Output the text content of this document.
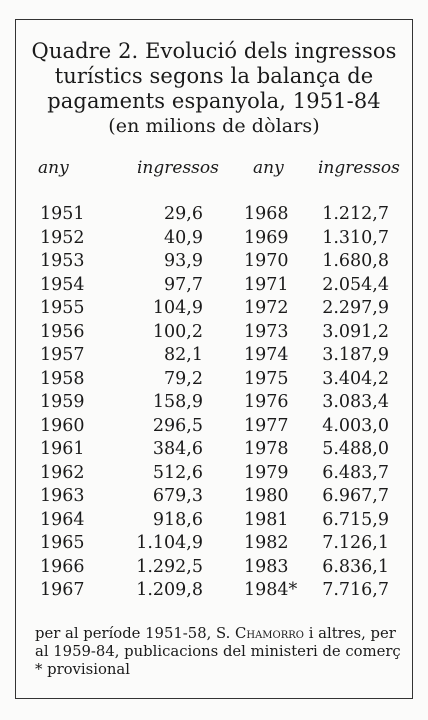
Quadre 2. Evolució dels ingressos
turístics segons la balança de
pagaments espanyola, 1951-84
(en milions de dòlars)
any	ingressos any ingressos
1951	29,6 1968 1.212,7
1952	40,9 1969 1.310,7
1953	93,9 1970 1.680,8
1954	97,7 1971 2.054,4
1955	104,9 1972 2.297,9
1956	100,2 1973 3.091,2
1957	82,1 1974 3.187,9
1958	79,2 1975 3.404,2
1959	158,9 1976 3.083,4
1960	296,5 1977 4.003,0
1961	384,6 1978 5.488,0
1962	512,6 1979 6.483,7
1963	679,3 1980 6.967,7
1964	918,6 1981 6.715,9
1965	1.104,9 1982 7.126,1
1966	1.292,5 1983 6.836,1
1967	1.209,8 1984* 7.716,7
per al període 1951-58, S. Chamorro i altres, per
al 1959-84, publicacions del ministeri de comerç
* provisional
